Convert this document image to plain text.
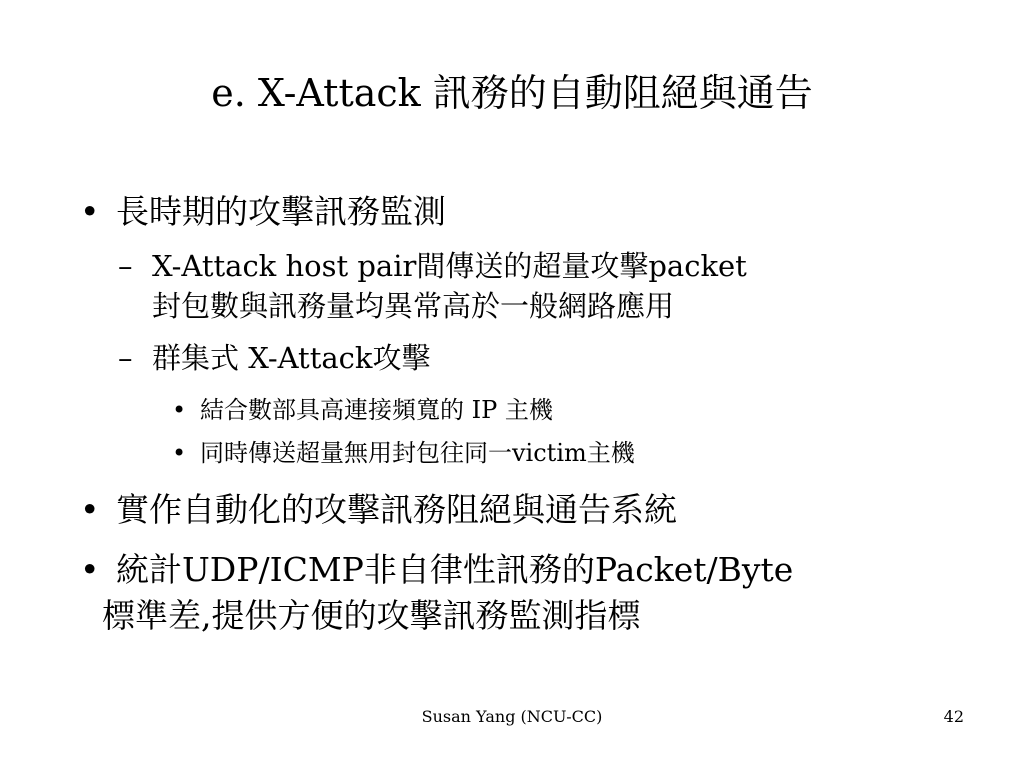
e. X-Attack 訊務的自動阻絕與通告
• 長時期的攻擊訊務監測
– X-Attack host pair間傳送的超量攻擊packet
封包數與訊務量均異常高於一般網路應用
– 群集式 X-Attack攻擊
• 結合數部具高連接頻寬的 IP 主機
• 同時傳送超量無用封包往同一victim主機
• 實作自動化的攻擊訊務阻絕與通告系統
• 統計UDP/ICMP非自律性訊務的Packet/Byte
標準差,提供方便的攻擊訊務監測指標
Susan Yang (NCU-CC)	42
